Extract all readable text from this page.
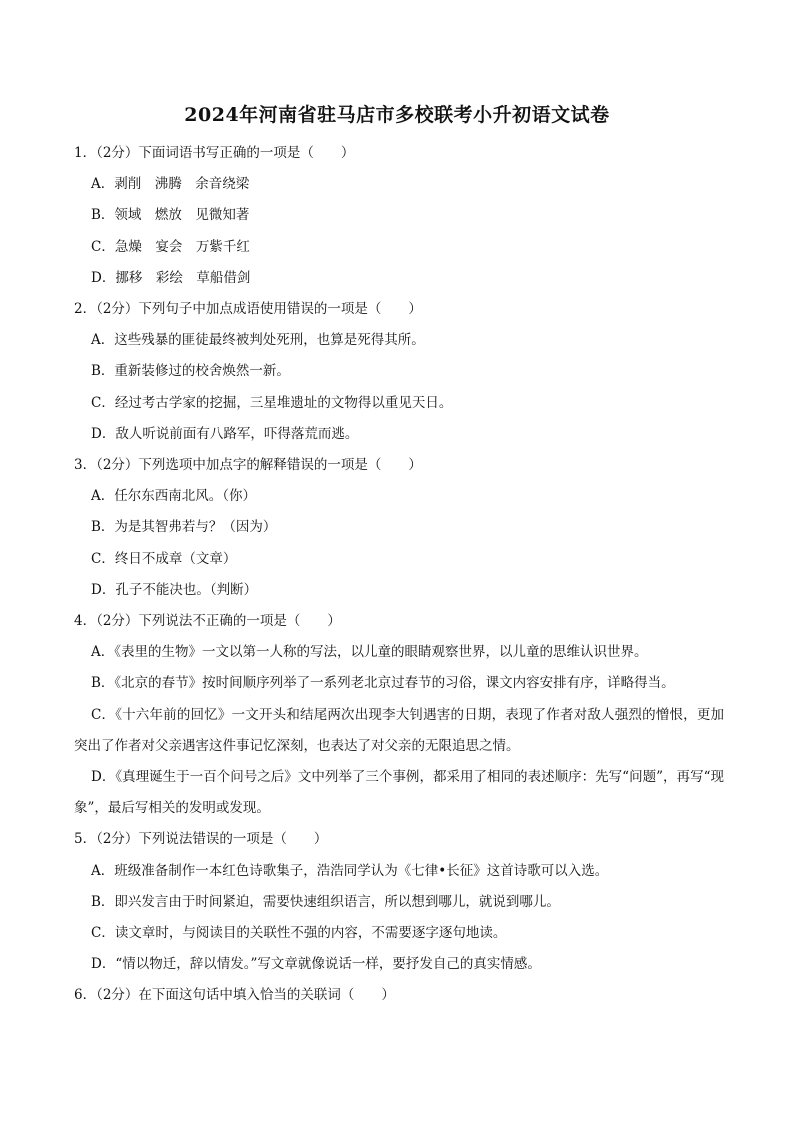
2024年河南省驻马店市多校联考小升初语文试卷

1．（2分）下面词语书写正确的一项是（　　）

A．剥削　沸腾　余音绕梁

B．领域　燃放　见微知著

C．急燥　宴会　万紫千红

D．挪移　彩绘　草船借剑

2．（2分）下列句子中加点成语使用错误的一项是（　　）

A．这些残暴的匪徒最终被判处死刑，也算是死得其所。

B．重新装修过的校舍焕然一新。

C．经过考古学家的挖掘，三星堆遗址的文物得以重见天日。

D．敌人听说前面有八路军，吓得落荒而逃。

3．（2分）下列选项中加点字的解释错误的一项是（　　）

A．任尔东西南北风。（你）

B．为是其智弗若与？（因为）

C．终日不成章（文章）

D．孔子不能决也。（判断）

4．（2分）下列说法不正确的一项是（　　）

A．《表里的生物》一文以第一人称的写法，以儿童的眼睛观察世界，以儿童的思维认识世界。

B．《北京的春节》按时间顺序列举了一系列老北京过春节的习俗，课文内容安排有序，详略得当。

C．《十六年前的回忆》一文开头和结尾两次出现李大钊遇害的日期，表现了作者对敌人强烈的憎恨，更加突出了作者对父亲遇害这件事记忆深刻，也表达了对父亲的无限追思之情。

D．《真理诞生于一百个问号之后》文中列举了三个事例，都采用了相同的表述顺序：先写“问题”，再写“现象”，最后写相关的发明或发现。

5．（2分）下列说法错误的一项是（　　）

A．班级准备制作一本红色诗歌集子，浩浩同学认为《七律•长征》这首诗歌可以入选。

B．即兴发言由于时间紧迫，需要快速组织语言，所以想到哪儿，就说到哪儿。

C．读文章时，与阅读目的关联性不强的内容，不需要逐字逐句地读。

D．“情以物迁，辞以情发。”写文章就像说话一样，要抒发自己的真实情感。

6．（2分）在下面这句话中填入恰当的关联词（　　）
